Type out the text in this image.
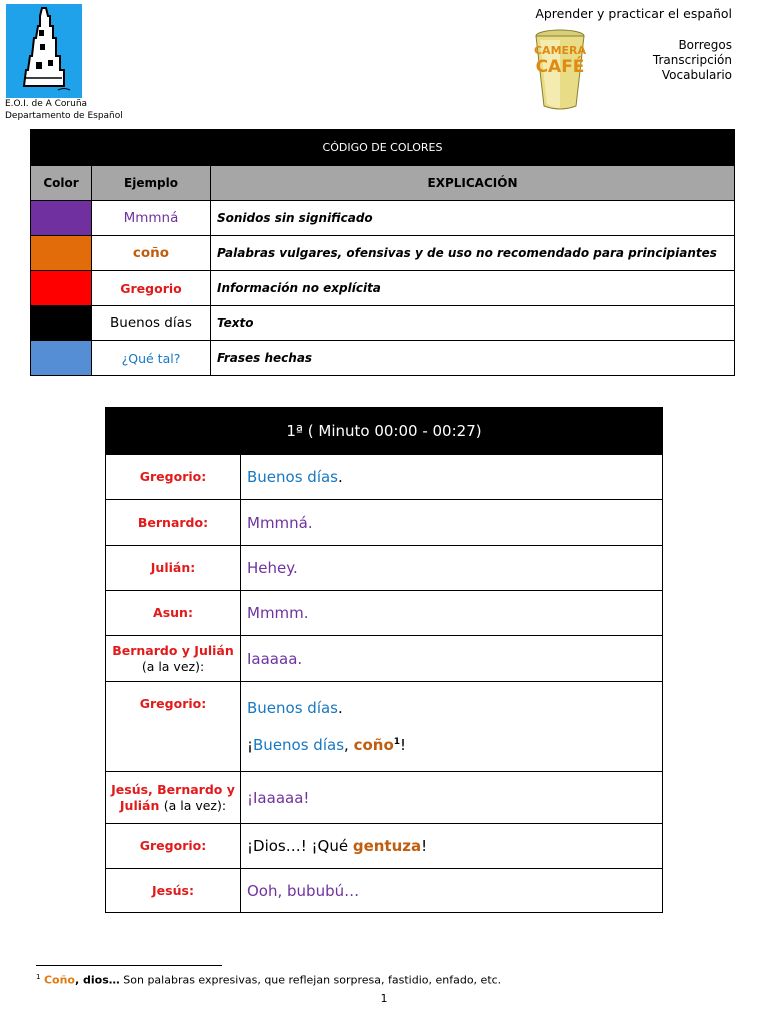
E.O.I. de A Coruña
Departamento de Español
Aprender y practicar el español
CAMERA
CAFÉ
Borregos
Transcripción
Vocabulario
CÓDIGO DE COLORES		
Color	Ejemplo	EXPLICACIÓN
	Mmmná	Sonidos sin significado
	coño	Palabras vulgares, ofensivas y de uso no recomendado para principiantes
	Gregorio	Información no explícita
	Buenos días	Texto
	¿Qué tal?	Frases hechas
1ª ( Minuto 00:00 - 00:27)	
Gregorio:	Buenos días.
Bernardo:	Mmmná.
Julián:	Hehey.
Asun:	Mmmm.
Bernardo y Julián (a la vez):	Iaaaaa.
Gregorio:	Buenos días.

¡Buenos días, coño$^1$!

Jesús, Bernardo y Julián (a la vez):	¡Iaaaaa!
Gregorio:	¡Dios…! ¡Qué gentuza!
Jesús:	Ooh, bububú…
$^1$ Coño, dios… Son palabras expresivas, que reflejan sorpresa, fastidio, enfado, etc.
1
